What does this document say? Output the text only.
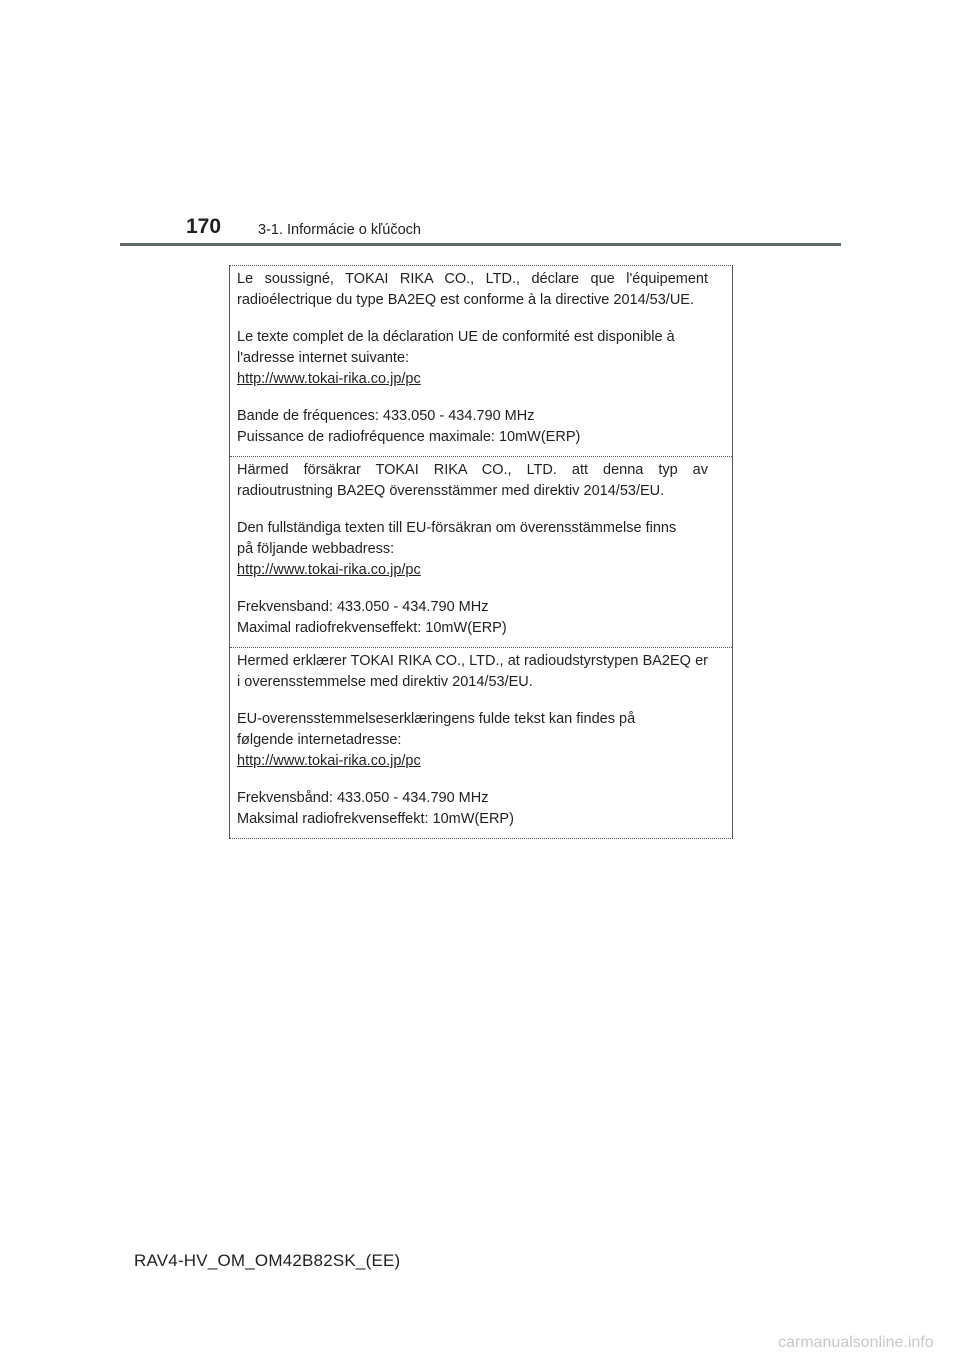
170	3-1. Informácie o kľúčoch

Le soussigné, TOKAI RIKA CO., LTD., déclare que l'équipement radioélectrique du type BA2EQ est conforme à la directive 2014/53/UE.

Le texte complet de la déclaration UE de conformité est disponible à

l'adresse internet suivante:

http://www.tokai-rika.co.jp/pc

Bande de fréquences: 433.050 - 434.790 MHz

Puissance de radiofréquence maximale: 10mW(ERP)

Härmed försäkrar TOKAI RIKA CO., LTD. att denna typ av radioutrustning BA2EQ överensstämmer med direktiv 2014/53/EU.

Den fullständiga texten till EU-försäkran om överensstämmelse finns

på följande webbadress:

http://www.tokai-rika.co.jp/pc

Frekvensband: 433.050 - 434.790 MHz

Maximal radiofrekvenseffekt: 10mW(ERP)

Hermed erklærer TOKAI RIKA CO., LTD., at radioudstyrstypen BA2EQ er i overensstemmelse med direktiv 2014/53/EU.

EU-overensstemmelseserklæringens fulde tekst kan findes på

følgende internetadresse:

http://www.tokai-rika.co.jp/pc

Frekvensbånd: 433.050 - 434.790 MHz

Maksimal radiofrekvenseffekt: 10mW(ERP)

RAV4-HV_OM_OM42B82SK_(EE)
carmanualsonline.info
